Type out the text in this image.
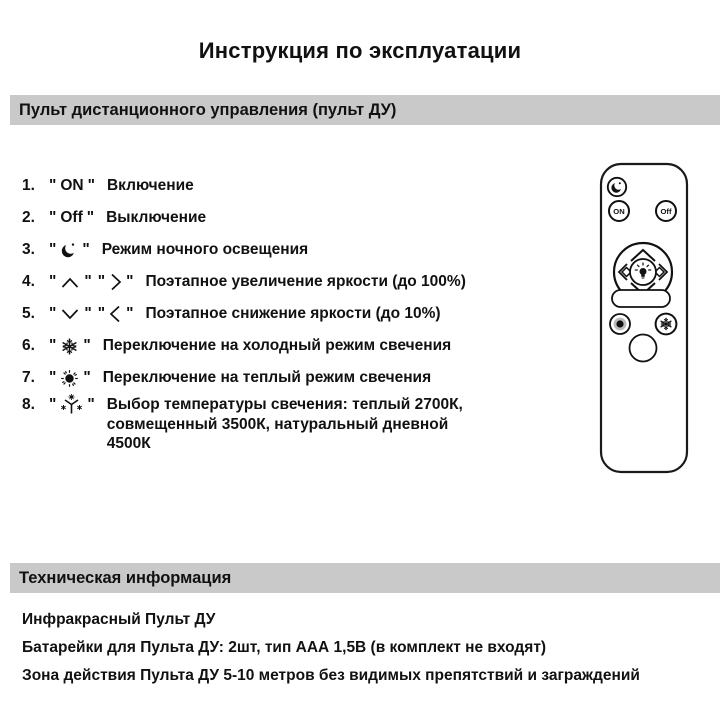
Инструкция по эксплуатации
Пульт дистанционного управления (пульт ДУ)
1. " ON " Включение
2. " Off " Выключение
3. " " Режим ночного освещения
4. " " " " Поэтапное увеличение яркости (до 100%)
5. " " " " Поэтапное снижение яркости (до 10%)
6. " " Переключение на холодный режим свечения
7. " " Переключение на теплый режим свечения
8. " " Выбор температуры свечения: теплый 2700К, совмещенный 3500К, натуральный дневной 4500К
ON	Off
Техническая информация
Инфракрасный Пульт ДУ
Батарейки для Пульта ДУ: 2шт, тип ААА 1,5В (в комплект не входят)
Зона действия Пульта ДУ 5-10 метров без видимых препятствий и заграждений
